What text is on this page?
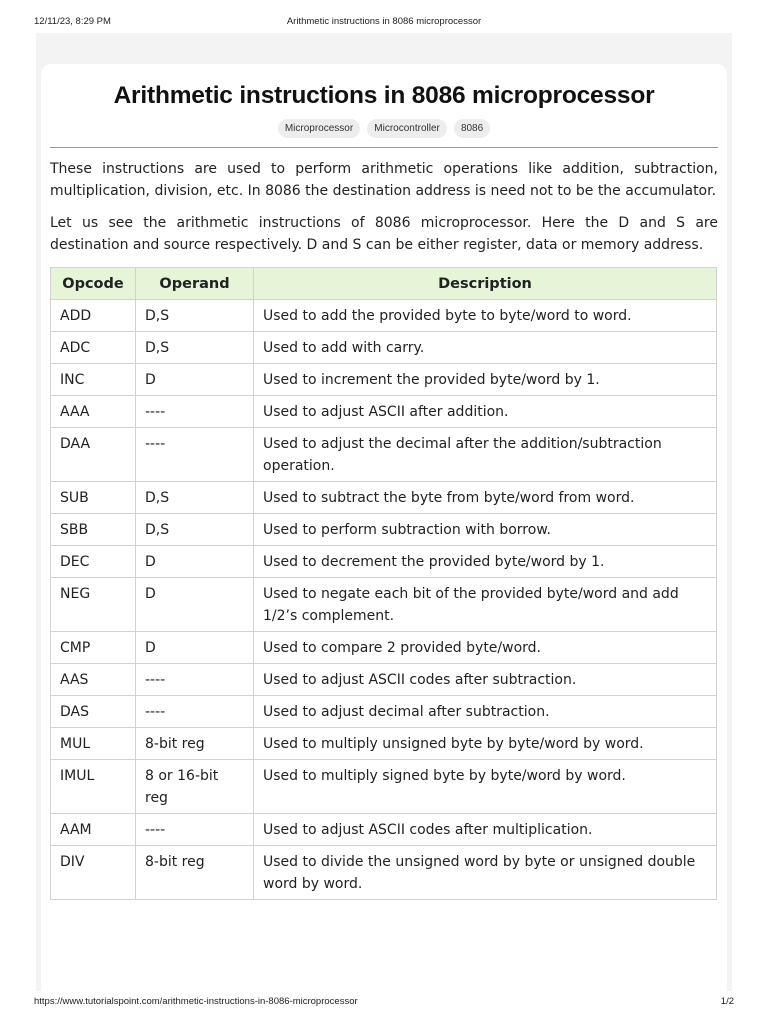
12/11/23, 8:29 PM	Arithmetic instructions in 8086 microprocessor
Arithmetic instructions in 8086 microprocessor
Microprocessor Microcontroller 8086

These instructions are used to perform arithmetic operations like addition, subtraction, multiplication, division, etc. In 8086 the destination address is need not to be the accumulator.

Let us see the arithmetic instructions of 8086 microprocessor. Here the D and S are destination and source respectively. D and S can be either register, data or memory address.

Opcode	Operand	Description
ADD	D,S	Used to add the provided byte to byte/word to word.
ADC	D,S	Used to add with carry.
INC	D	Used to increment the provided byte/word by 1.
AAA	----	Used to adjust ASCII after addition.
DAA	----	Used to adjust the decimal after the addition/subtraction operation.
SUB	D,S	Used to subtract the byte from byte/word from word.
SBB	D,S	Used to perform subtraction with borrow.
DEC	D	Used to decrement the provided byte/word by 1.
NEG	D	Used to negate each bit of the provided byte/word and add 1/2’s complement.
CMP	D	Used to compare 2 provided byte/word.
AAS	----	Used to adjust ASCII codes after subtraction.
DAS	----	Used to adjust decimal after subtraction.
MUL	8-bit reg	Used to multiply unsigned byte by byte/word by word.
IMUL	8 or 16-bit reg	Used to multiply signed byte by byte/word by word.
AAM	----	Used to adjust ASCII codes after multiplication.
DIV	8-bit reg	Used to divide the unsigned word by byte or unsigned double word by word.
https://www.tutorialspoint.com/arithmetic-instructions-in-8086-microprocessor	1/2
